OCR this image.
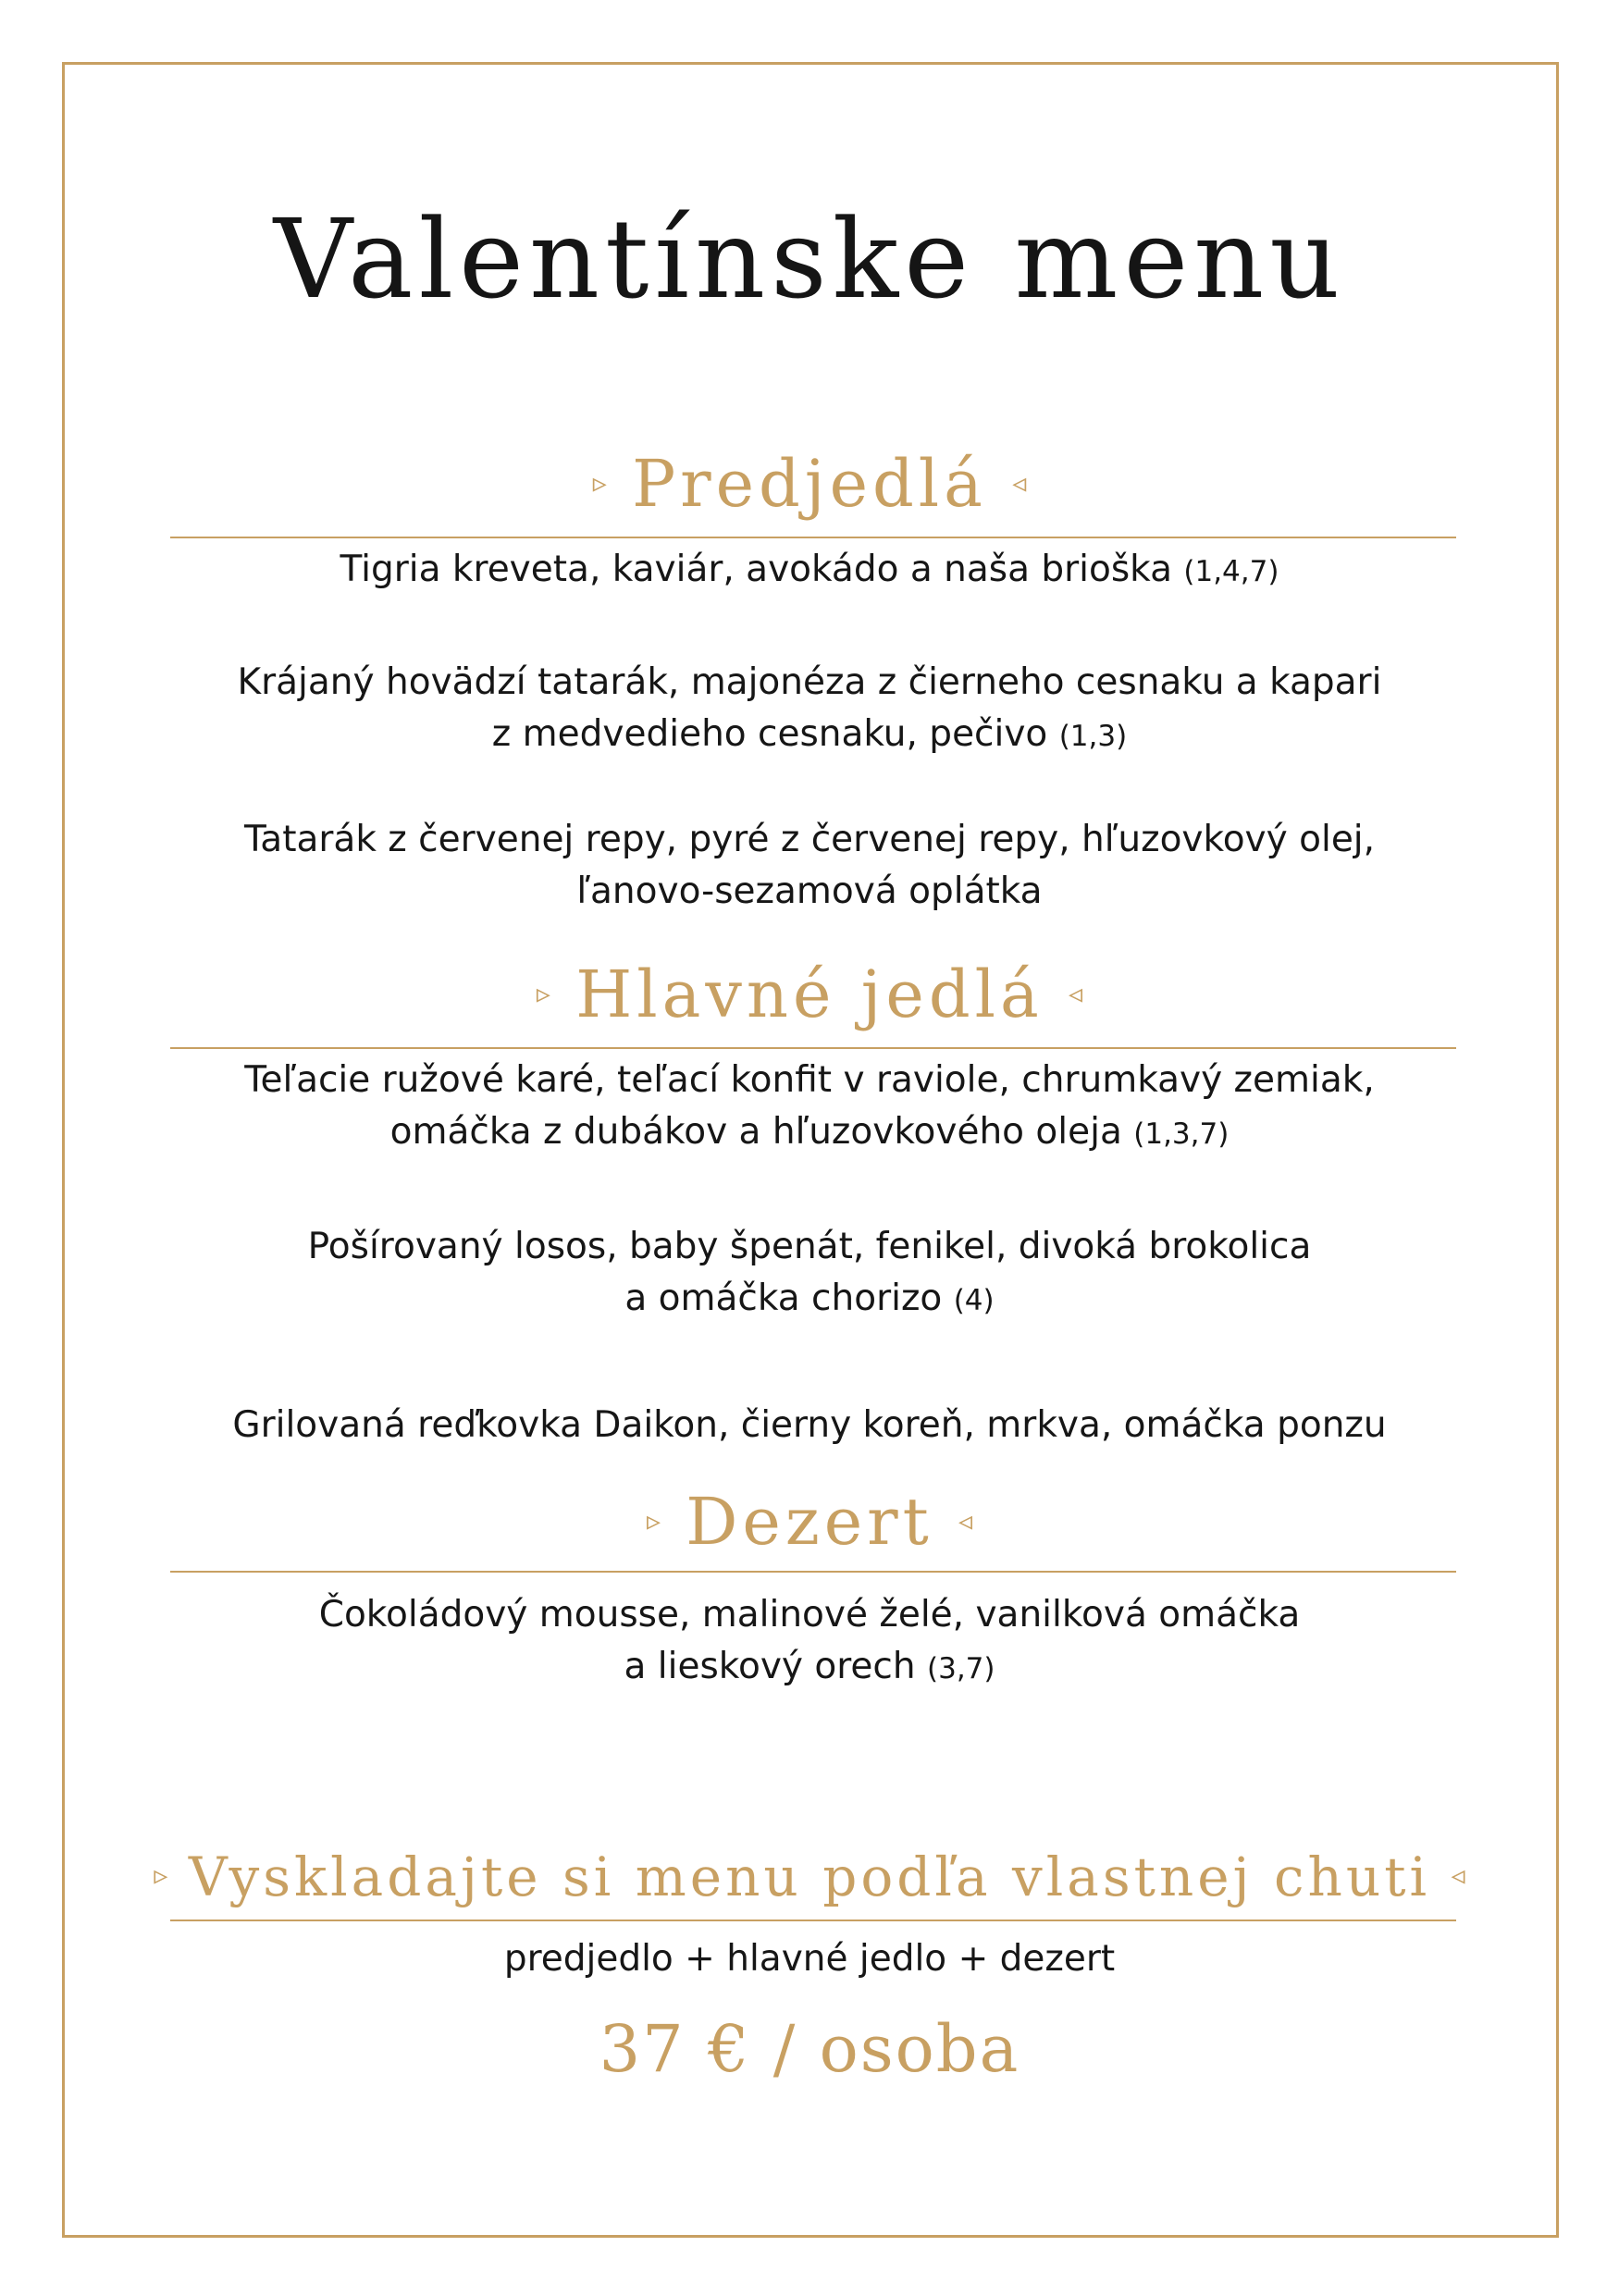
Valentínske menu
▹ Predjedlá ◃
Tigria kreveta, kaviár, avokádo a naša brioška (1,4,7)
Krájaný hovädzí tatarák, majonéza z čierneho cesnaku a kapari
z medvedieho cesnaku, pečivo (1,3)
Tatarák z červenej repy, pyré z červenej repy, hľuzovkový olej,
ľanovo-sezamová oplátka
▹ Hlavné jedlá ◃
Teľacie ružové karé, teľací konfit v raviole, chrumkavý zemiak,
omáčka z dubákov a hľuzovkového oleja (1,3,7)
Pošírovaný losos, baby špenát, fenikel, divoká brokolica
a omáčka chorizo (4)
Grilovaná reďkovka Daikon, čierny koreň, mrkva, omáčka ponzu
▹ Dezert ◃
Čokoládový mousse, malinové želé, vanilková omáčka
a lieskový orech (3,7)
▹ Vyskladajte si menu podľa vlastnej chuti ◃
predjedlo + hlavné jedlo + dezert
37 € / osoba
